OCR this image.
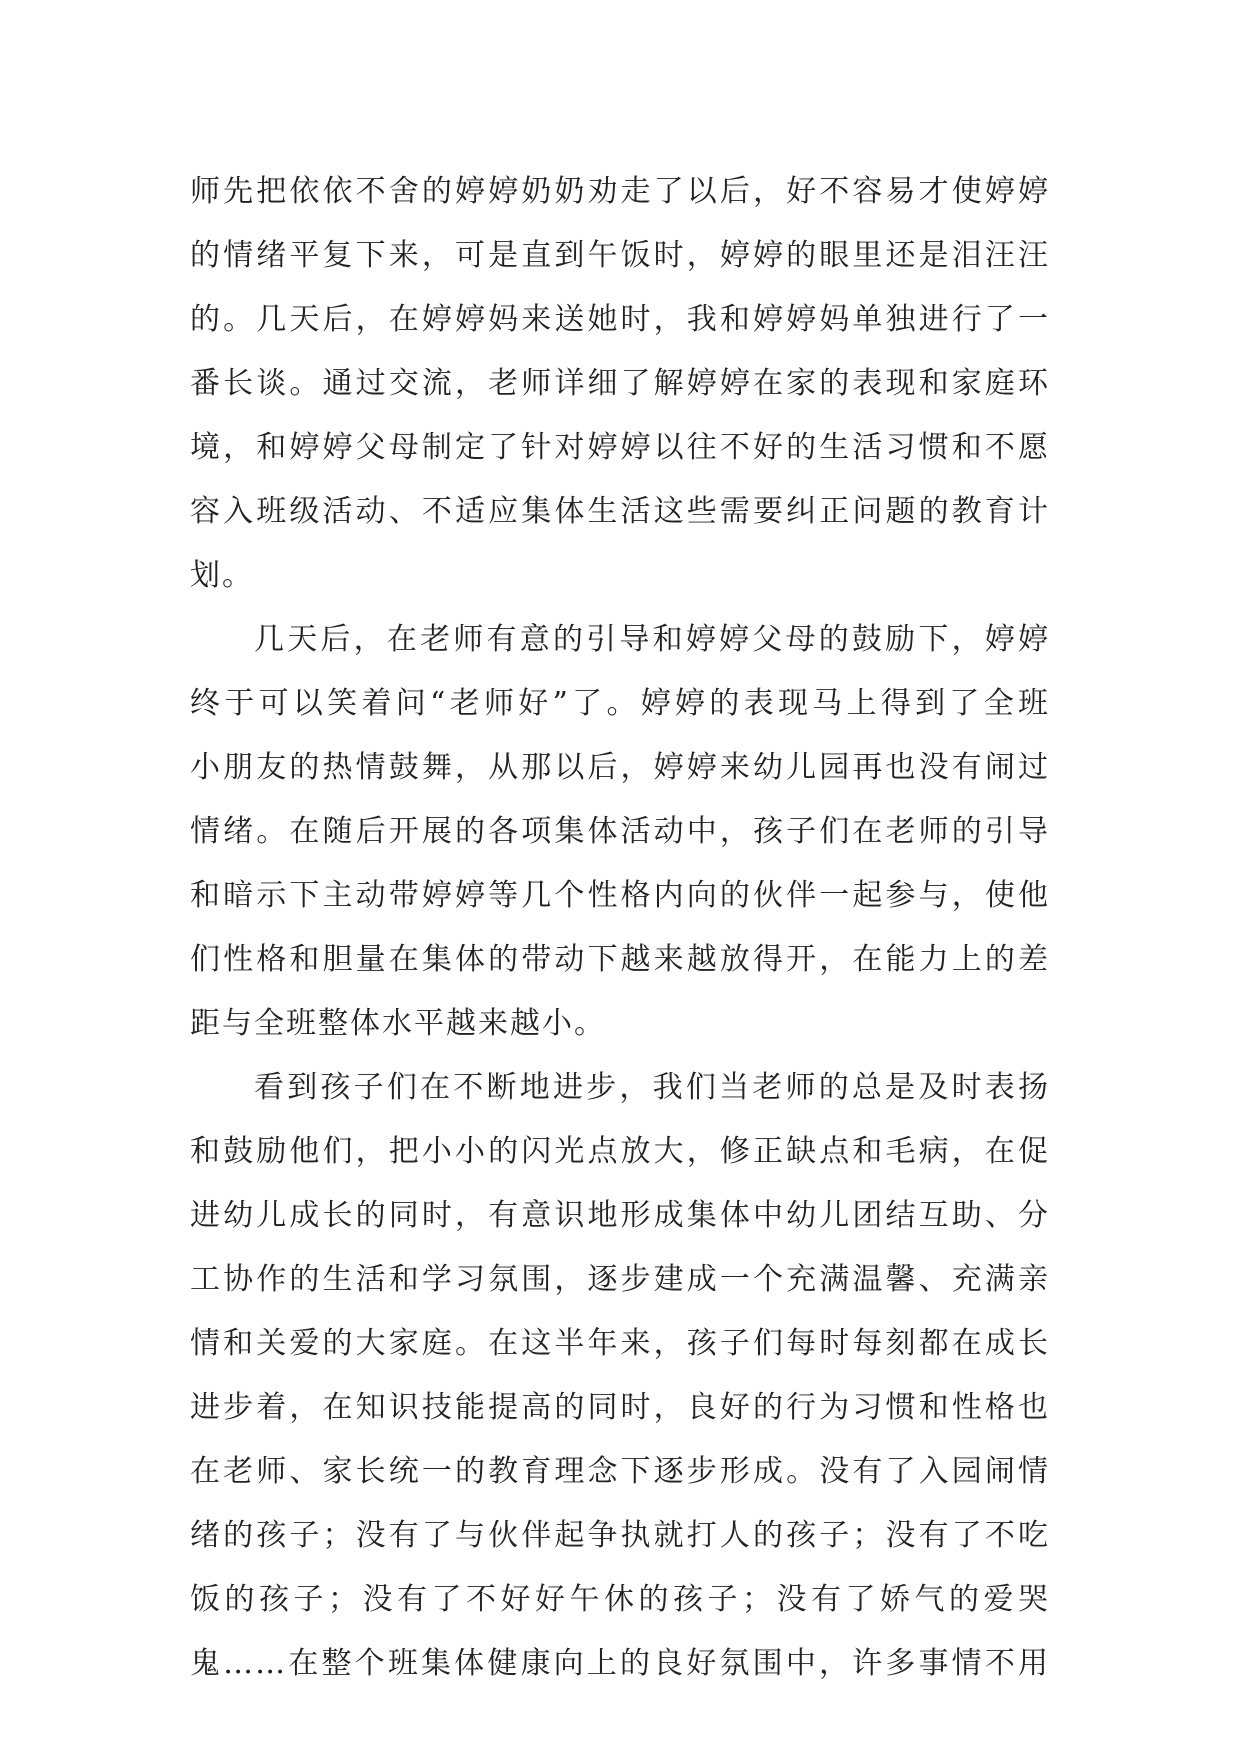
师先把依依不舍的婷婷奶奶劝走了以后，好不容易才使婷婷
的情绪平复下来，可是直到午饭时，婷婷的眼里还是泪汪汪
的。几天后，在婷婷妈来送她时，我和婷婷妈单独进行了一
番长谈。通过交流，老师详细了解婷婷在家的表现和家庭环
境，和婷婷父母制定了针对婷婷以往不好的生活习惯和不愿
容入班级活动、不适应集体生活这些需要纠正问题的教育计
划。
几天后，在老师有意的引导和婷婷父母的鼓励下，婷婷
终于可以笑着问“老师好”了。婷婷的表现马上得到了全班
小朋友的热情鼓舞，从那以后，婷婷来幼儿园再也没有闹过
情绪。在随后开展的各项集体活动中，孩子们在老师的引导
和暗示下主动带婷婷等几个性格内向的伙伴一起参与，使他
们性格和胆量在集体的带动下越来越放得开，在能力上的差
距与全班整体水平越来越小。
看到孩子们在不断地进步，我们当老师的总是及时表扬
和鼓励他们，把小小的闪光点放大，修正缺点和毛病，在促
进幼儿成长的同时，有意识地形成集体中幼儿团结互助、分
工协作的生活和学习氛围，逐步建成一个充满温馨、充满亲
情和关爱的大家庭。在这半年来，孩子们每时每刻都在成长
进步着，在知识技能提高的同时，良好的行为习惯和性格也
在老师、家长统一的教育理念下逐步形成。没有了入园闹情
绪的孩子；没有了与伙伴起争执就打人的孩子；没有了不吃
饭的孩子；没有了不好好午休的孩子；没有了娇气的爱哭
鬼……在整个班集体健康向上的良好氛围中，许多事情不用
